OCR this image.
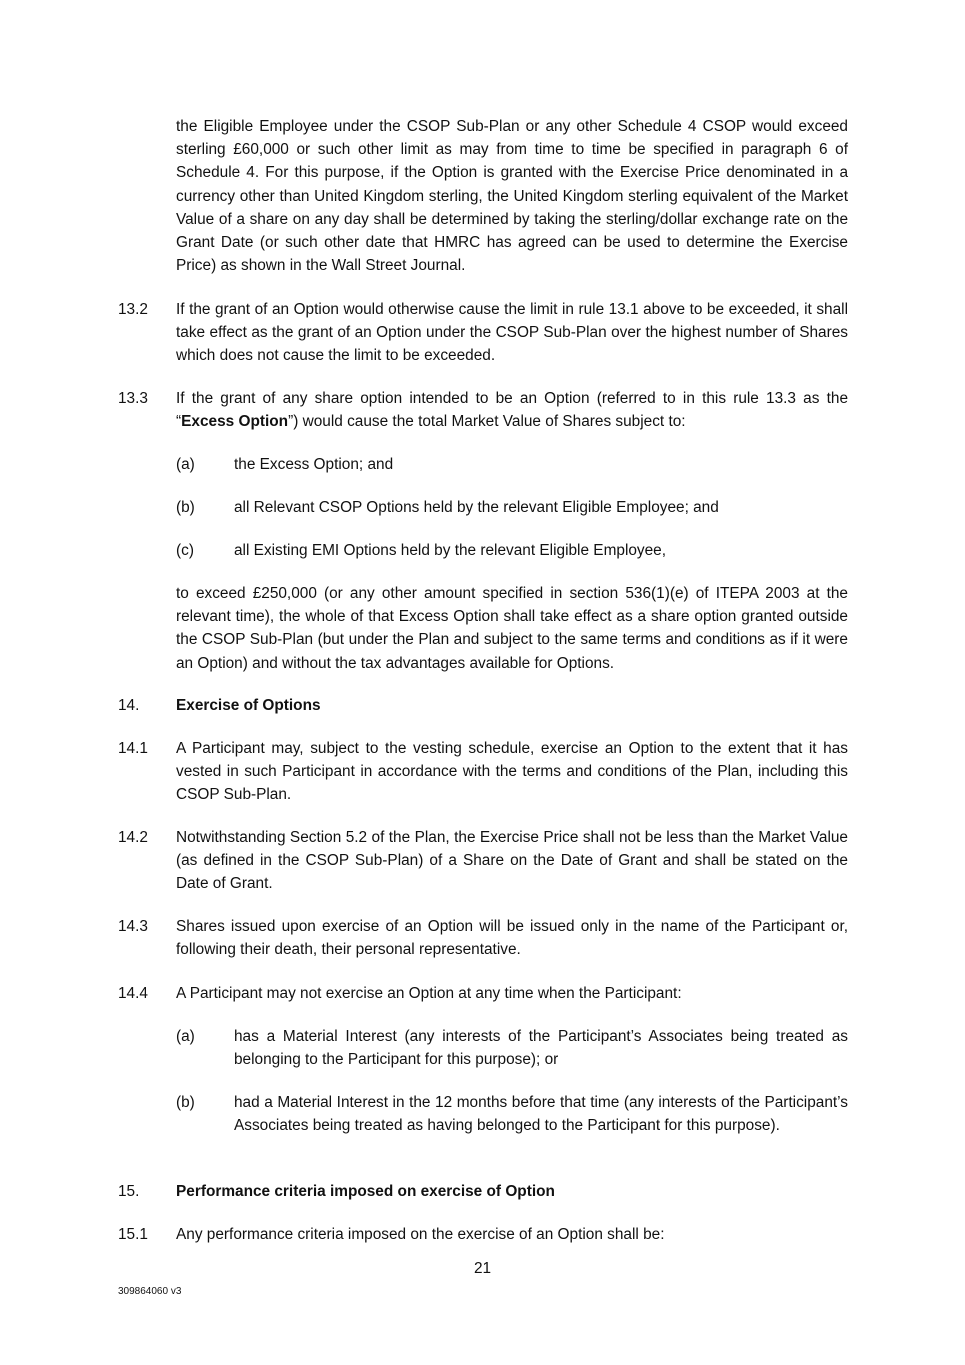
the Eligible Employee under the CSOP Sub-Plan or any other Schedule 4 CSOP would exceed sterling £60,000 or such other limit as may from time to time be specified in paragraph 6 of Schedule 4. For this purpose, if the Option is granted with the Exercise Price denominated in a currency other than United Kingdom sterling, the United Kingdom sterling equivalent of the Market Value of a share on any day shall be determined by taking the sterling/dollar exchange rate on the Grant Date (or such other date that HMRC has agreed can be used to determine the Exercise Price) as shown in the Wall Street Journal.
13.2 If the grant of an Option would otherwise cause the limit in rule 13.1 above to be exceeded, it shall take effect as the grant of an Option under the CSOP Sub-Plan over the highest number of Shares which does not cause the limit to be exceeded.
13.3 If the grant of any share option intended to be an Option (referred to in this rule 13.3 as the “Excess Option”) would cause the total Market Value of Shares subject to:
(a)	the Excess Option; and
(b)	all Relevant CSOP Options held by the relevant Eligible Employee; and
(c)	all Existing EMI Options held by the relevant Eligible Employee,
to exceed £250,000 (or any other amount specified in section 536(1)(e) of ITEPA 2003 at the relevant time), the whole of that Excess Option shall take effect as a share option granted outside the CSOP Sub-Plan (but under the Plan and subject to the same terms and conditions as if it were an Option) and without the tax advantages available for Options.
14. Exercise of Options
14.1 A Participant may, subject to the vesting schedule, exercise an Option to the extent that it has vested in such Participant in accordance with the terms and conditions of the Plan, including this CSOP Sub-Plan.
14.2 Notwithstanding Section 5.2 of the Plan, the Exercise Price shall not be less than the Market Value (as defined in the CSOP Sub-Plan) of a Share on the Date of Grant and shall be stated on the Date of Grant.
14.3 Shares issued upon exercise of an Option will be issued only in the name of the Participant or, following their death, their personal representative.
14.4 A Participant may not exercise an Option at any time when the Participant:
(a)	has a Material Interest (any interests of the Participant’s Associates being treated as belonging to the Participant for this purpose); or
(b)	had a Material Interest in the 12 months before that time (any interests of the Participant’s Associates being treated as having belonged to the Participant for this purpose).
15. Performance criteria imposed on exercise of Option
15.1 Any performance criteria imposed on the exercise of an Option shall be:
21
309864060 v3
